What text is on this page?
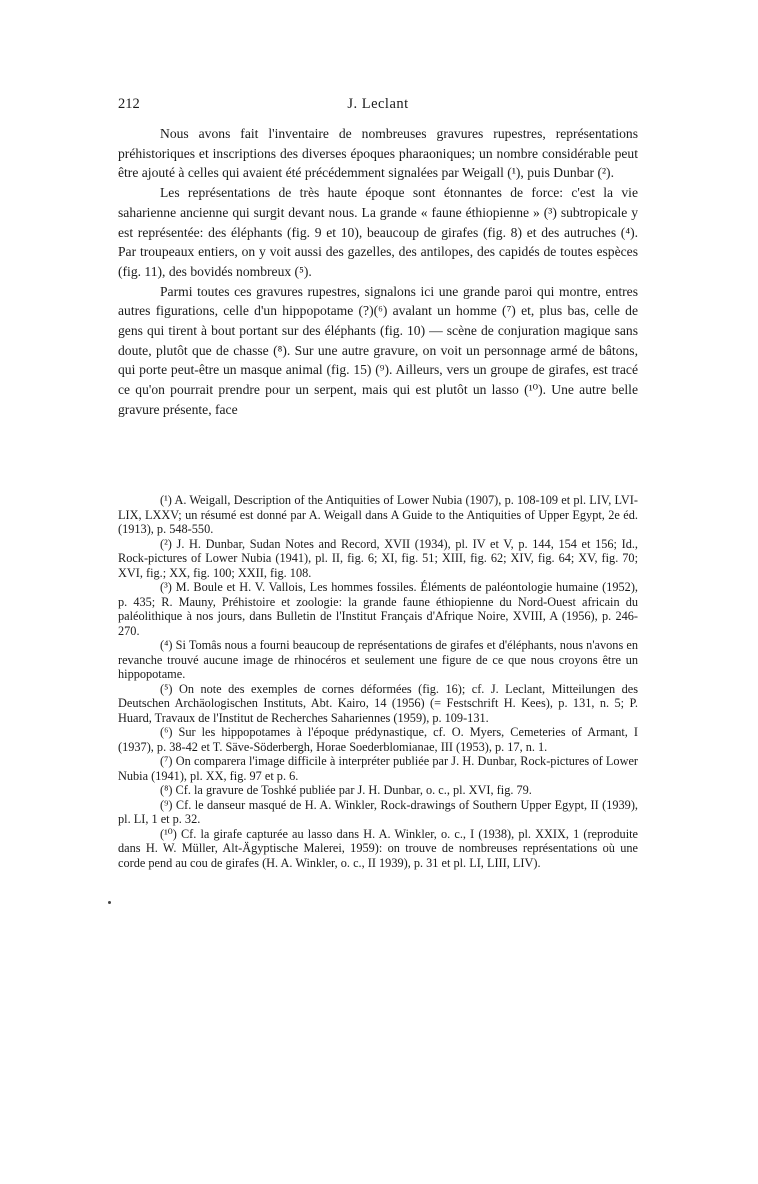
212	J. Leclant

Nous avons fait l'inventaire de nombreuses gravures rupestres, représentations préhistoriques et inscriptions des diverses époques pharaoniques; un nombre considérable peut être ajouté à celles qui avaient été précédemment signalées par Weigall (¹), puis Dunbar (²).

Les représentations de très haute époque sont étonnantes de force: c'est la vie saharienne ancienne qui surgit devant nous. La grande « faune éthiopienne » (³) subtropicale y est représentée: des éléphants (fig. 9 et 10), beaucoup de girafes (fig. 8) et des autruches (⁴). Par troupeaux entiers, on y voit aussi des gazelles, des antilopes, des capidés de toutes espèces (fig. 11), des bovidés nombreux (⁵).

Parmi toutes ces gravures rupestres, signalons ici une grande paroi qui montre, entres autres figurations, celle d'un hippopotame (?)(⁶) avalant un homme (⁷) et, plus bas, celle de gens qui tirent à bout portant sur des éléphants (fig. 10) — scène de conjuration magique sans doute, plutôt que de chasse (⁸). Sur une autre gravure, on voit un personnage armé de bâtons, qui porte peut-être un masque animal (fig. 15) (⁹). Ailleurs, vers un groupe de girafes, est tracé ce qu'on pourrait prendre pour un serpent, mais qui est plutôt un lasso (¹⁰). Une autre belle gravure présente, face

(¹) A. Weigall, Description of the Antiquities of Lower Nubia (1907), p. 108-109 et pl. LIV, LVI-LIX, LXXV; un résumé est donné par A. Weigall dans A Guide to the Antiquities of Upper Egypt, 2e éd. (1913), p. 548-550.

(²) J. H. Dunbar, Sudan Notes and Record, XVII (1934), pl. IV et V, p. 144, 154 et 156; Id., Rock-pictures of Lower Nubia (1941), pl. II, fig. 6; XI, fig. 51; XIII, fig. 62; XIV, fig. 64; XV, fig. 70; XVI, fig.; XX, fig. 100; XXII, fig. 108.

(³) M. Boule et H. V. Vallois, Les hommes fossiles. Éléments de paléontologie humaine (1952), p. 435; R. Mauny, Préhistoire et zoologie: la grande faune éthiopienne du Nord-Ouest africain du paléolithique à nos jours, dans Bulletin de l'Institut Français d'Afrique Noire, XVIII, A (1956), p. 246-270.

(⁴) Si Tomâs nous a fourni beaucoup de représentations de girafes et d'éléphants, nous n'avons en revanche trouvé aucune image de rhinocéros et seulement une figure de ce que nous croyons être un hippopotame.

(⁵) On note des exemples de cornes déformées (fig. 16); cf. J. Leclant, Mitteilungen des Deutschen Archäologischen Instituts, Abt. Kairo, 14 (1956) (= Festschrift H. Kees), p. 131, n. 5; P. Huard, Travaux de l'Institut de Recherches Sahariennes (1959), p. 109-131.

(⁶) Sur les hippopotames à l'époque prédynastique, cf. O. Myers, Cemeteries of Armant, I (1937), p. 38-42 et T. Säve-Söderbergh, Horae Soederblomianae, III (1953), p. 17, n. 1.

(⁷) On comparera l'image difficile à interpréter publiée par J. H. Dunbar, Rock-pictures of Lower Nubia (1941), pl. XX, fig. 97 et p. 6.

(⁸) Cf. la gravure de Toshké publiée par J. H. Dunbar, o. c., pl. XVI, fig. 79.

(⁹) Cf. le danseur masqué de H. A. Winkler, Rock-drawings of Southern Upper Egypt, II (1939), pl. LI, 1 et p. 32.

(¹⁰) Cf. la girafe capturée au lasso dans H. A. Winkler, o. c., I (1938), pl. XXIX, 1 (reproduite dans H. W. Müller, Alt-Ägyptische Malerei, 1959): on trouve de nombreuses représentations où une corde pend au cou de girafes (H. A. Winkler, o. c., II 1939), p. 31 et pl. LI, LIII, LIV).
